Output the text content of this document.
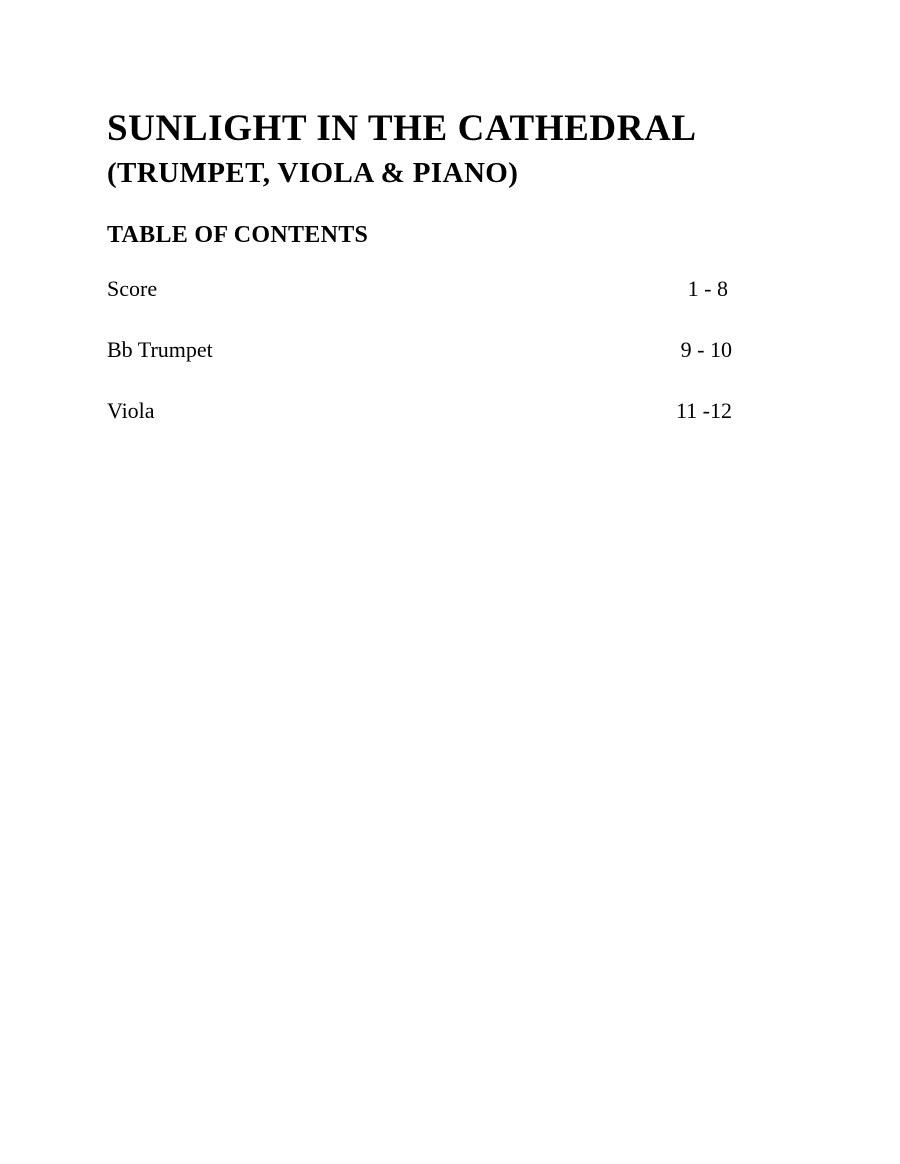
SUNLIGHT IN THE CATHEDRAL
(TRUMPET, VIOLA & PIANO)
TABLE OF CONTENTS
Score	1 - 8
Bb Trumpet	9 - 10
Viola	11 -12
